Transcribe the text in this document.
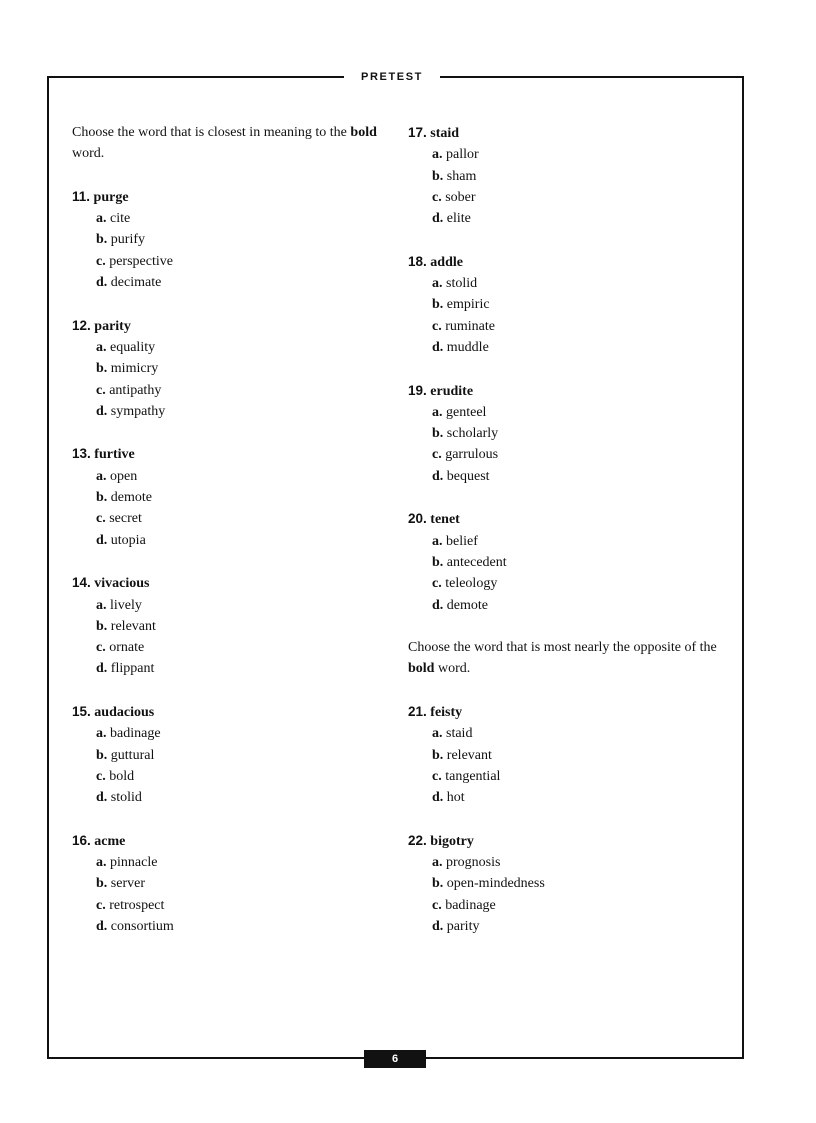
PRETEST

Choose the word that is closest in meaning to the bold
word.

11. purge
a. cite
b. purify
c. perspective
d. decimate
12. parity
a. equality
b. mimicry
c. antipathy
d. sympathy
13. furtive
a. open
b. demote
c. secret
d. utopia
14. vivacious
a. lively
b. relevant
c. ornate
d. flippant
15. audacious
a. badinage
b. guttural
c. bold
d. stolid
16. acme
a. pinnacle
b. server
c. retrospect
d. consortium
17. staid
a. pallor
b. sham
c. sober
d. elite
18. addle
a. stolid
b. empiric
c. ruminate
d. muddle
19. erudite
a. genteel
b. scholarly
c. garrulous
d. bequest
20. tenet
a. belief
b. antecedent
c. teleology
d. demote

Choose the word that is most nearly the opposite of the
bold word.

21. feisty
a. staid
b. relevant
c. tangential
d. hot
22. bigotry
a. prognosis
b. open-mindedness
c. badinage
d. parity
6
